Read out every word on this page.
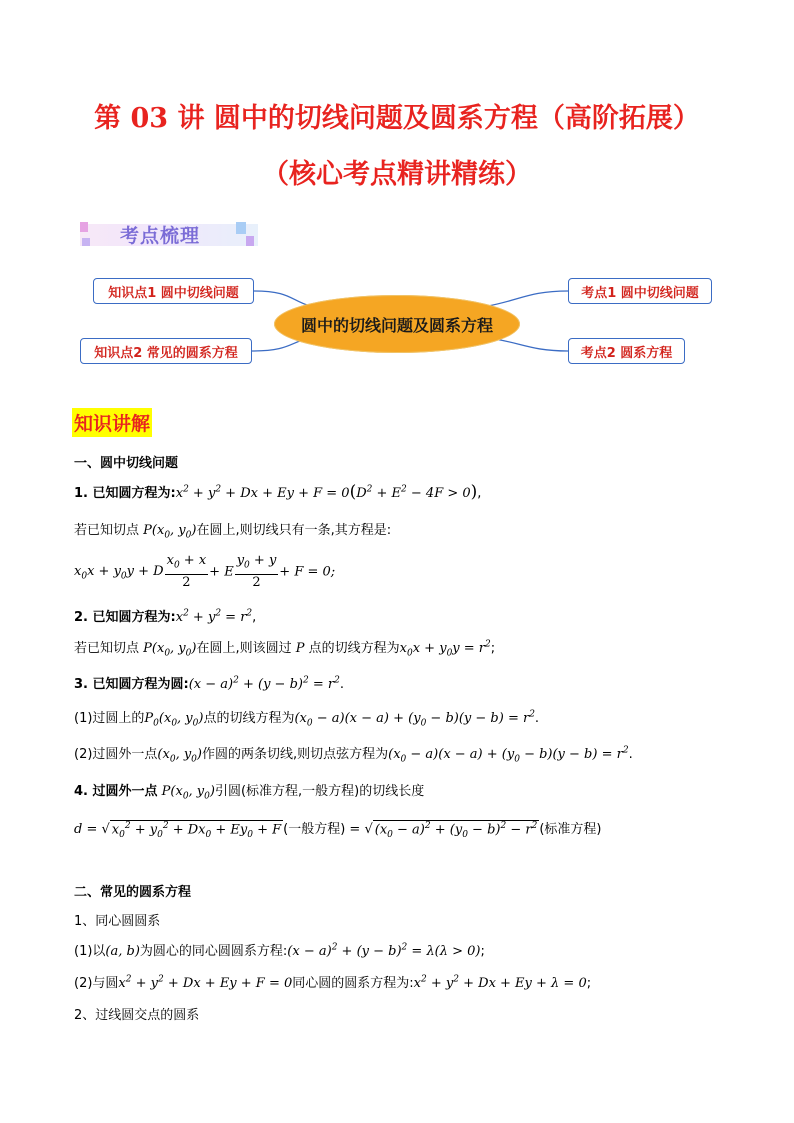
第 03 讲 圆中的切线问题及圆系方程（高阶拓展）
（核心考点精讲精练）
考点梳理
圆中的切线问题及圆系方程
知识点1 圆中切线问题
知识点2 常见的圆系方程
考点1 圆中切线问题
考点2 圆系方程
知识讲解
一、圆中切线问题
1. 已知圆方程为$:x^2 + y^2 + Dx + Ey + F = 0(D^2 + E^2 - 4F > 0)$,
若已知切点 $P(x_0$, $y_0$)在圆上,则切线只有一条,其方程是:
$x_0x + y_0y + D \frac{x_0 + x}{2} + E \frac{y_0 + y}{2} + F = 0$;
2. 已知圆方程为$:x^2 + y^2 = r^2$,
若已知切点 $P(x_0$, $y_0$)在圆上,则该圆过 P 点的切线方程为$x_0x + y_0y = r^2$;
3. 已知圆方程为圆:(x − $a)^2 + (y - b)^2 = r^2$.
(1)过圆上的$P_0(x_0$, $y_0$)点的切线方程为$(x_0 - a)(x - a) + (y_0 - b)(y - b) = r^2$.
(2)过圆外一点($x_0$, $y_0$)作圆的两条切线,则切点弦方程为$(x_0 - a)(x - a) + (y_0 - b)(y - b) = r^2$.
4. 过圆外一点 $P(x_0$, $y_0$)引圆(标准方程,一般方程)的切线长度
d = √ $x_0^2 + y_0^2 + Dx_0 + Ey_0 + F$ (一般方程) = √ $(x_0 - a)^2 + (y_0 - b)^2 - r^2$ (标准方程)
二、常见的圆系方程
1、同心圆圆系
(1)以(a, b)为圆心的同心圆圆系方程:(x − $a)^2 + (y - b)^2 = \lambda(\lambda > 0)$;
(2)与圆$x^2 + y^2 + Dx + Ey + F = 0$同心圆的圆系方程为$:x^2 + y^2 + Dx + Ey + \lambda = 0$;
2、过线圆交点的圆系
